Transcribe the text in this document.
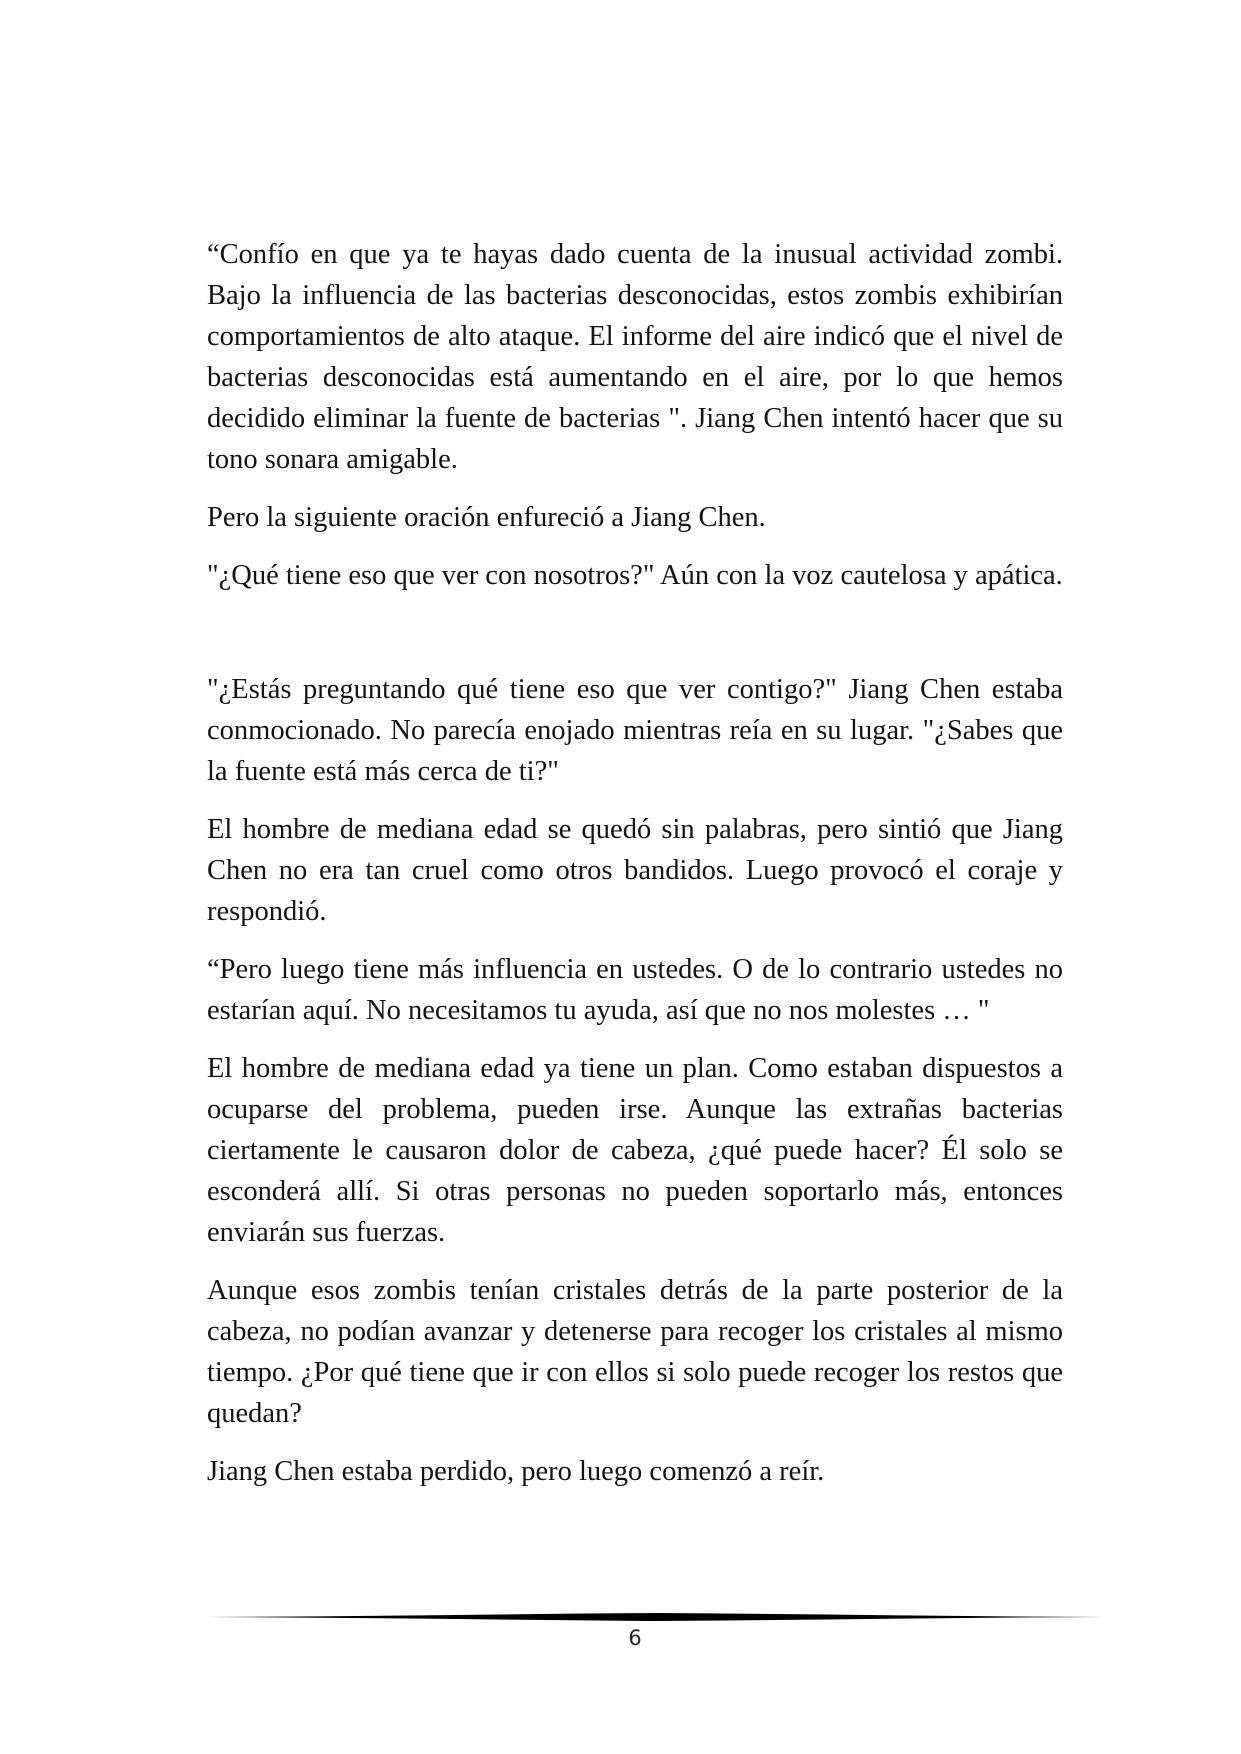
“Confío en que ya te hayas dado cuenta de la inusual actividad zombi. Bajo la influencia de las bacterias desconocidas, estos zombis exhibirían comportamientos de alto ataque. El informe del aire indicó que el nivel de bacterias desconocidas está aumentando en el aire, por lo que hemos decidido eliminar la fuente de bacterias ". Jiang Chen intentó hacer que su tono sonara amigable.

Pero la siguiente oración enfureció a Jiang Chen.

"¿Qué tiene eso que ver con nosotros?" Aún con la voz cautelosa y apática.

"¿Estás preguntando qué tiene eso que ver contigo?" Jiang Chen estaba conmocionado. No parecía enojado mientras reía en su lugar. "¿Sabes que la fuente está más cerca de ti?"

El hombre de mediana edad se quedó sin palabras, pero sintió que Jiang Chen no era tan cruel como otros bandidos. Luego provocó el coraje y respondió.

“Pero luego tiene más influencia en ustedes. O de lo contrario ustedes no estarían aquí. No necesitamos tu ayuda, así que no nos molestes … "

El hombre de mediana edad ya tiene un plan. Como estaban dispuestos a ocuparse del problema, pueden irse. Aunque las extrañas bacterias ciertamente le causaron dolor de cabeza, ¿qué puede hacer? Él solo se esconderá allí. Si otras personas no pueden soportarlo más, entonces enviarán sus fuerzas.

Aunque esos zombis tenían cristales detrás de la parte posterior de la cabeza, no podían avanzar y detenerse para recoger los cristales al mismo tiempo. ¿Por qué tiene que ir con ellos si solo puede recoger los restos que quedan?

Jiang Chen estaba perdido, pero luego comenzó a reír.

6
